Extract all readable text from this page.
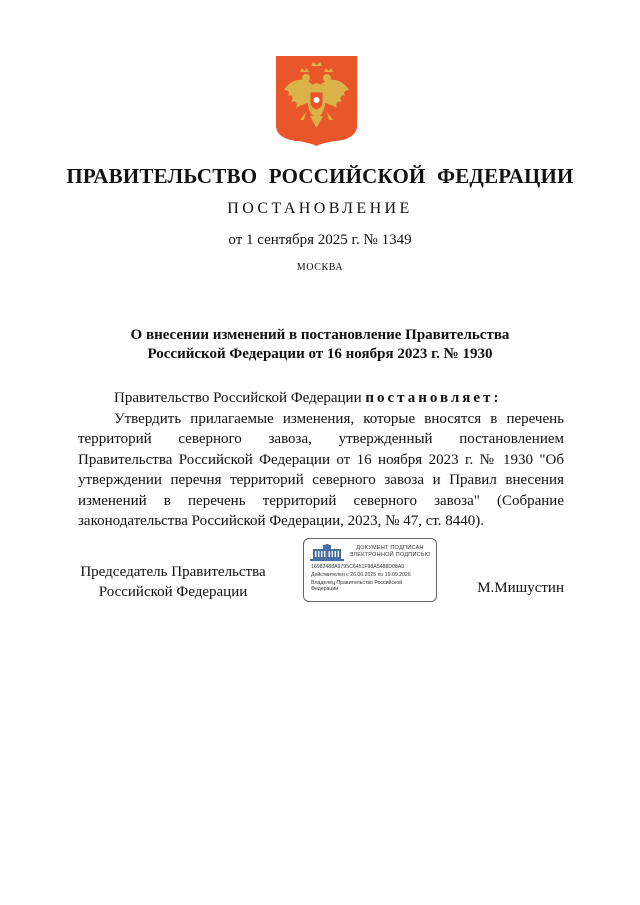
ПРАВИТЕЛЬСТВО РОССИЙСКОЙ ФЕДЕРАЦИИ
ПОСТАНОВЛЕНИЕ
от 1 сентября 2025 г. № 1349
МОСКВА
О внесении изменений в постановление Правительства
Российской Федерации от 16 ноября 2023 г. № 1930

Правительство Российской Федерации постановляет:

Утвердить прилагаемые изменения, которые вносятся в перечень территорий северного завоза, утвержденный постановлением Правительства Российской Федерации от 16 ноября 2023 г. № 1930 "Об утверждении перечня территорий северного завоза и Правил внесения изменений в перечень территорий северного завоза" (Собрание законодательства Российской Федерации, 2023, № 47, ст. 8440).

Председатель Правительства
Российской Федерации
ДОКУМЕНТ ПОДПИСАН
ЭЛЕКТРОННОЙ ПОДПИСЬЮ
16982488A9795C6451F98A5488D08A9
Действителен с 26.06.2025 по 19.09.2026
Владелец Правительство Российской
Федерации	М.Мишустин
